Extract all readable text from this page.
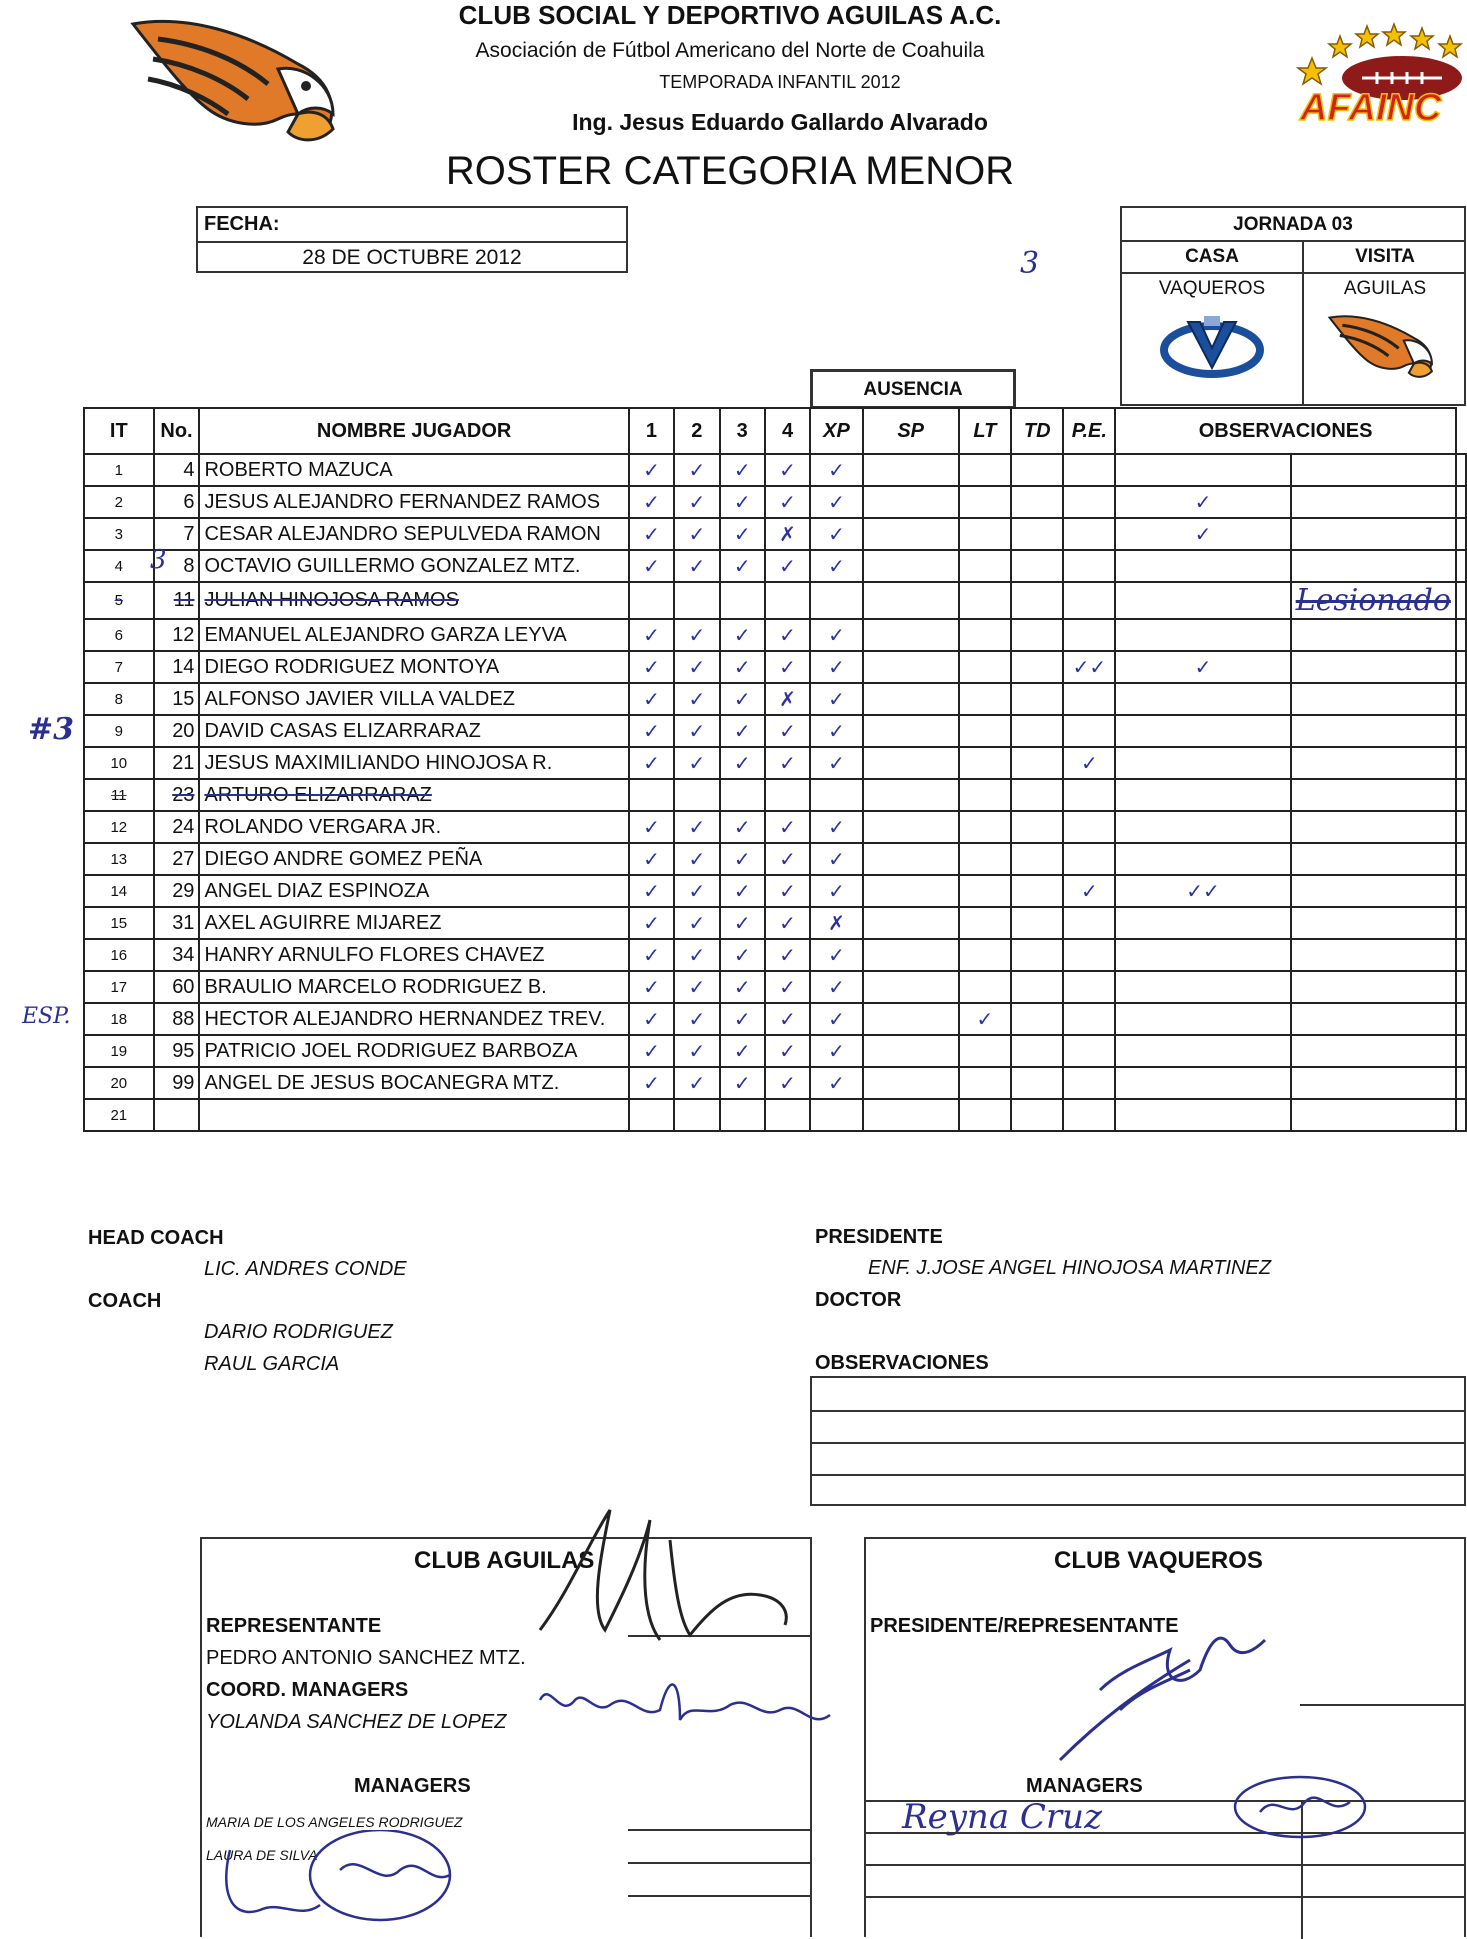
AFAINC
CLUB SOCIAL Y DEPORTIVO AGUILAS A.C.
Asociación de Fútbol Americano del Norte de Coahuila
TEMPORADA INFANTIL 2012
Ing. Jesus Eduardo Gallardo Alvarado
ROSTER CATEGORIA MENOR
FECHA:
28 DE OCTUBRE 2012	3
JORNADA 03
CASA	VISITA
VAQUEROS	AGUILAS
AUSENCIA
IT	No.	NOMBRE JUGADOR	1	2	3	4	XP	SP	LT	TD	P.E.	OBSERVACIONES		
1	4	ROBERTO MAZUCA	✓	✓	✓	✓	✓							
2	6	JESUS ALEJANDRO FERNANDEZ RAMOS	✓	✓	✓	✓	✓					✓		
3	7	CESAR ALEJANDRO SEPULVEDA RAMON	✓	✓	✓	✗	✓					✓		
4	8	OCTAVIO GUILLERMO GONZALEZ MTZ.	✓	✓	✓	✓	✓							
5	11	JULIAN HINOJOSA RAMOS											Lesionado	
6	12	EMANUEL ALEJANDRO GARZA LEYVA	✓	✓	✓	✓	✓							
7	14	DIEGO RODRIGUEZ MONTOYA	✓	✓	✓	✓	✓				✓✓	✓		
8	15	ALFONSO JAVIER VILLA VALDEZ	✓	✓	✓	✗	✓							
9	20	DAVID CASAS ELIZARRARAZ	✓	✓	✓	✓	✓							
10	21	JESUS MAXIMILIANDO HINOJOSA R.	✓	✓	✓	✓	✓				✓			
11	23	ARTURO ELIZARRARAZ												
12	24	ROLANDO VERGARA JR.	✓	✓	✓	✓	✓							
13	27	DIEGO ANDRE GOMEZ PEÑA	✓	✓	✓	✓	✓							
14	29	ANGEL DIAZ ESPINOZA	✓	✓	✓	✓	✓				✓	✓✓		
15	31	AXEL AGUIRRE MIJAREZ	✓	✓	✓	✓	✗							
16	34	HANRY ARNULFO FLORES CHAVEZ	✓	✓	✓	✓	✓							
17	60	BRAULIO MARCELO RODRIGUEZ B.	✓	✓	✓	✓	✓							
18	88	HECTOR ALEJANDRO HERNANDEZ TREV.	✓	✓	✓	✓	✓		✓					
19	95	PATRICIO JOEL RODRIGUEZ BARBOZA	✓	✓	✓	✓	✓							
20	99	ANGEL DE JESUS BOCANEGRA MTZ.	✓	✓	✓	✓	✓							
21														
3
#3
ESP.
HEAD COACH
LIC. ANDRES CONDE
COACH
DARIO RODRIGUEZ
RAUL GARCIA
PRESIDENTE
ENF. J.JOSE ANGEL HINOJOSA MARTINEZ
DOCTOR
OBSERVACIONES
CLUB AGUILAS
REPRESENTANTE
PEDRO ANTONIO SANCHEZ MTZ.
COORD. MANAGERS
YOLANDA SANCHEZ DE LOPEZ
MANAGERS
MARIA DE LOS ANGELES RODRIGUEZ
LAURA DE SILVA
CLUB VAQUEROS
PRESIDENTE/REPRESENTANTE
MANAGERS
Reyna Cruz
